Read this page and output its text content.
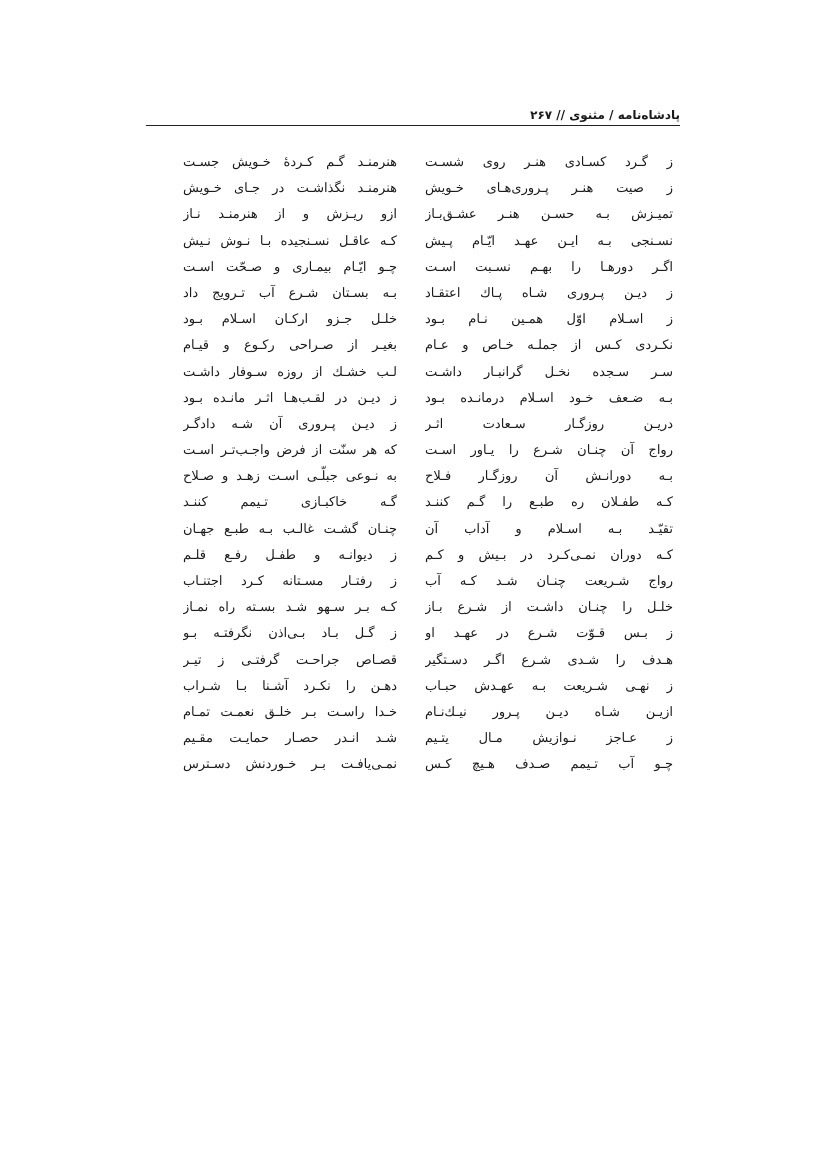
پادشاه‌نامه / مثنوی // ۲۶۷
ز گـرد كسـادی هنـر روی شسـت
ز صیت هنـر پـروری‌هـای خـویش
تمیـزش بـه حسـن هنـر عشـق‌بـاز
نسـنجی بـه ایـن عهـد ایّـام پـیش
اگـر دورهـا را بهـم نسـبت اسـت
ز دیـن پـروری شـاه پـاك اعتقـاد
ز اسـلام اوّل همـین نـام بـود
نكـردی كـس از جملـه خـاص و عـام
سـر سـجده نخـل گرانبـار داشـت
بـه ضـعف خـود اسـلام درمانـده بـود
دریـن روزگـار سـعادت اثـر
رواج آن چنـان شـرع را یـاور اسـت
بـه دورانـش آن روزگـار فـلاح
كـه طفـلان ره طبـع را گـم كننـد
تقیّـد بـه اسـلام و آداب آن
كـه دوران نمـی‌كـرد در بـیش و كـم
رواج شـریعت چنـان شـد كـه آب
خلـل را چنـان داشـت از شـرع بـاز
ز بـس قـوّت شـرع در عهـد او
هـدف را شـدی شـرع اگـر دسـتگیر
ز نهـی شـریعت بـه عهـدش حبـاب
ازیـن شـاه دیـن پـرور نیـك‌نـام
ز عـاجز نـوازیش مـال یتـیم
چـو آب تـیمم صـدف هـیچ كـس
هنرمنـد گـم كـردهٔ خـویش جسـت
هنرمنـد نگذاشـت در جـای خـویش
ازو ریـزش و از هنرمنـد نـاز
كـه عاقـل نسـنجیده بـا نـوش نـیش
چـو ایّـام بیمـاری و صـحّت اسـت
بـه بسـتان شـرع آب تـرویج داد
خلـل جـزو اركـان اسـلام بـود
بغیـر از صـراحی ركـوع و قیـام
لـب خشـك از روزه سـوفار داشـت
ز دیـن در لقـب‌هـا اثـر مانـده بـود
ز دیـن پـروری آن شـه دادگـر
كه هر سنّت از فرض واجـب‌تـر اسـت
به نـوعی جبلّـی اسـت زهـد و صـلاح
گـه خاكبـازی تـیمم كننـد
چنـان گشـت غالـب بـه طبـع جهـان
ز دیوانـه و طفـل رفـع قلـم
ز رفتـار مسـتانه كـرد اجتنـاب
كـه بـر سـهو شـد بسـته راه نمـاز
ز گـل بـاد بـی‌اذن نگرفتـه بـو
قصـاص جراحـت گرفتـی ز تیـر
دهـن را نكـرد آشـنا بـا شـراب
خـدا راسـت بـر خلـق نعمـت تمـام
شـد انـدر حصـار حمایـت مقـیم
نمـی‌یافـت بـر خـوردنش دسـترس
